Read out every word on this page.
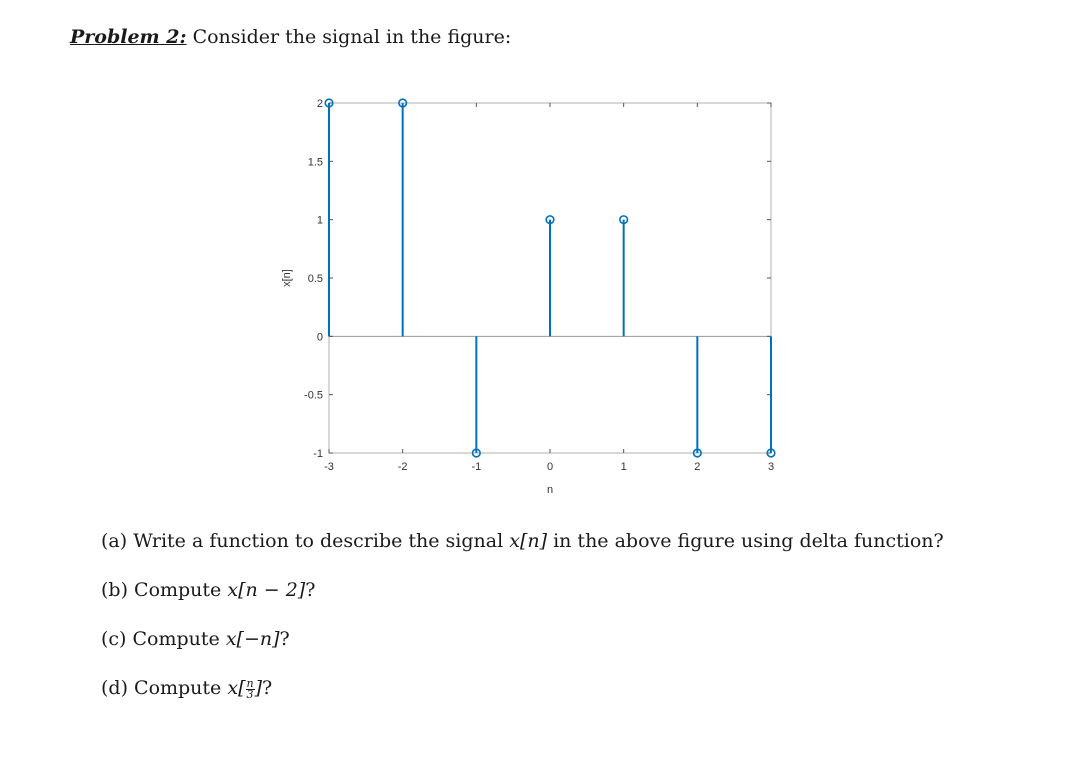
Problem 2: Consider the signal in the figure:
-1
-0.5
0
0.5
1
1.5
2
-3	-2	-1	0	1	2	3
n
x[n]
(a) Write a function to describe the signal x[n] in the above figure using delta function?
(b) Compute x[n − 2]?
(c) Compute x[−n]?
(d) Compute $x[ \frac{n}{3}$ ]?
